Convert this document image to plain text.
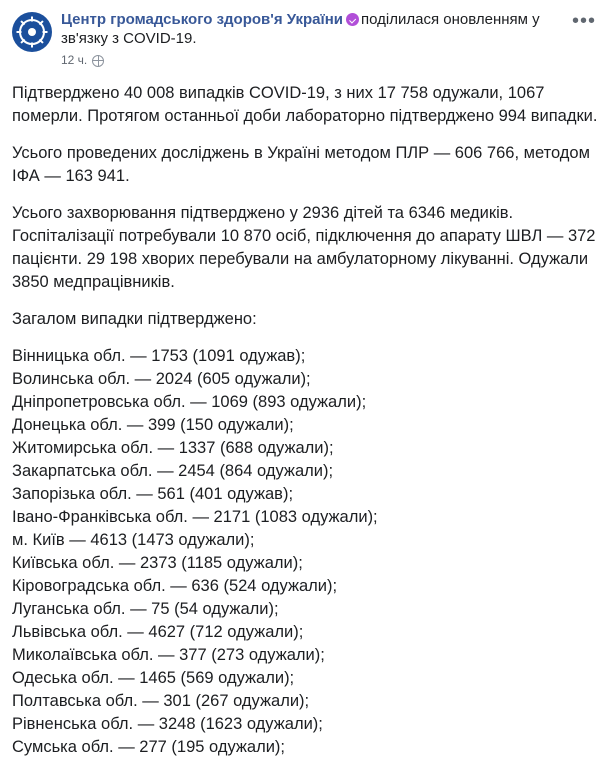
Центр громадського здоров'я України поділилася оновленням у зв'язку з COVID-19.
12 ч.
•••

Підтверджено 40 008 випадків COVID-19, з них 17 758 одужали, 1067 померли. Протягом останньої доби лабораторно підтверджено 994 випадки.

Усього проведених досліджень в Україні методом ПЛР — 606 766, методом ІФА — 163 941.

Усього захворювання підтверджено у 2936 дітей та 6346 медиків. Госпіталізації потребували 10 870 осіб, підключення до апарату ШВЛ — 372 пацієнти. 29 198 хворих перебували на амбулаторному лікуванні. Одужали 3850 медпрацівників.

Загалом випадки підтверджено:

Вінницька обл. — 1753 (1091 одужав);
Волинська обл. — 2024 (605 одужали);
Дніпропетровська обл. — 1069 (893 одужали);
Донецька обл. — 399 (150 одужали);
Житомирська обл. — 1337 (688 одужали);
Закарпатська обл. — 2454 (864 одужали);
Запорізька обл. — 561 (401 одужав);
Івано-Франківська обл. — 2171 (1083 одужали);
м. Київ — 4613 (1473 одужали);
Київська обл. — 2373 (1185 одужали);
Кіровоградська обл. — 636 (524 одужали);
Луганська обл. — 75 (54 одужали);
Львівська обл. — 4627 (712 одужали);
Миколаївська обл. — 377 (273 одужали);
Одеська обл. — 1465 (569 одужали);
Полтавська обл. — 301 (267 одужали);
Рівненська обл. — 3248 (1623 одужали);
Сумська обл. — 277 (195 одужали);
